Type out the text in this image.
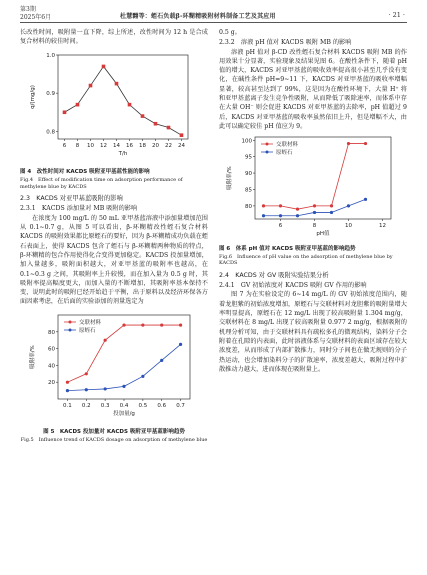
第3期
2025年6月	杜慧翾等：蛭石负载β-环糊精吸附材料制备工艺及其应用	· 21 ·

长改性时间，吸附量一直下降，综上所述，改性时间为 12 h 是合成复合材料的较佳时间。

6 8 10 12 14 16 18 20 22 24
0.8
0.9
1.0
T/h
q/(mg/g)
图 4　改性时间对 KACDS 吸附亚甲基蓝性能的影响
Fig.4　Effect of modification time on adsorption performance of methylene blue by KACDS

2.3　KACDS 对亚甲基蓝吸附的影响

2.3.1　KACDS 添加量对 MB 吸附的影响

在浓度为 100 mg/L 的 50 mL 亚甲基蓝溶液中添加量增加范围从 0.1~0.7 g，从图 5 可以看出，β-环糊精改性蛭石复合材料 KACDS 的吸附效果都比原蛭石的要好，因为 β-环糊精成功负载在蛭石表面上，使得 KACDS 包含了蛭石与 β-环糊精两种物质的特点，β-环糊精的包合作用使得化合变得更加稳定。KACDS 投加量增加，加入量越多，吸附面积越大，对亚甲基蓝的吸附率也越高，在 0.1~0.3 g 之间，其吸附率上升较慢，而在加入量为 0.5 g 时，其吸附率提高幅度更大，而加入量的不断增加，其吸附率基本保持不变，说明此时的吸附已经开始趋于平衡，出于原料以及经济环保各方面因素考虑，在后面的实验添加的剂量选定为

0.1 0.2 0.3 0.4 0.5 0.6 0.7
20
40
60
80
投加量/g
吸附率/%
交联材料
原蛭石
图 5　KACDS 投加量对 KACDS 吸附亚甲基蓝影响趋势
Fig.5　Influence trend of KACDS dosage on adsorption of methylene blue

0.5 g。

2.3.2　溶液 pH 值对 KACDS 吸附 MB 的影响

溶液 pH 值对 β-CD 改性蛭石复合材料 KACDS 吸附 MB 的作用效果十分显著，实验现象及结果见图 6。在酸性条件下，随着 pH 值的增大，KACDS 对亚甲基蓝的吸收效率提高很小甚至几乎没有变化，在碱性条件 pH=9~11 下，KACDS 对亚甲基蓝的吸收率增幅显著，较高甚至达到了 99%，这是因为在酸性环境下，大量 H⁺ 将和亚甲基蓝离子发生竞争性吸附，从而降低了吸除速率，而体系中存在大量 OH⁻ 则会促进 KACDS 对亚甲基蓝的去除率，pH 值超过 9 后，KACDS 对亚甲基蓝的吸收率虽然依旧上升，但是增幅不大，由此可以确定较佳 pH 值应为 9。

6	8	10	12
80
85
90
95
100
pH值
吸附率/%
交联材料
原蛭石
图 6　体系 pH 值对 KACDS 吸附亚甲基蓝的影响趋势
Fig.6　Influence of pH value on the adsorption of methylene blue by KACDS

2.4　KACDS 对 GV 吸附实验结果分析

2.4.1　GV 初始浓度对 KACDS 吸附 GV 作用的影响

图 7 为在实验设定的 6~14 mg/L 的 GV 初始浓度范围内，随着龙胆紫的初始浓度增加，原蛭石与交联材料对龙胆紫的吸附量增大率明显提高，原蛭石在 12 mg/L 出现了较高吸附量 1.304 mg/g，交联材料在 8 mg/L 出现了较高吸附量 0.977 2 mg/g，根据吸附的机理分析可知，由于交联材料具有疏松多孔的微观结构，染料分子会附着在孔隙的内表面，此时溶液体系与交联材料的表面区域存在较大浓度差，从而形成了内部扩散推力，同时分子间也在做无规则的分子热运动，也会增加染料分子的扩散速率，浓度差越大，吸附过程中扩散推动力越大，进而体现在吸附量上。
